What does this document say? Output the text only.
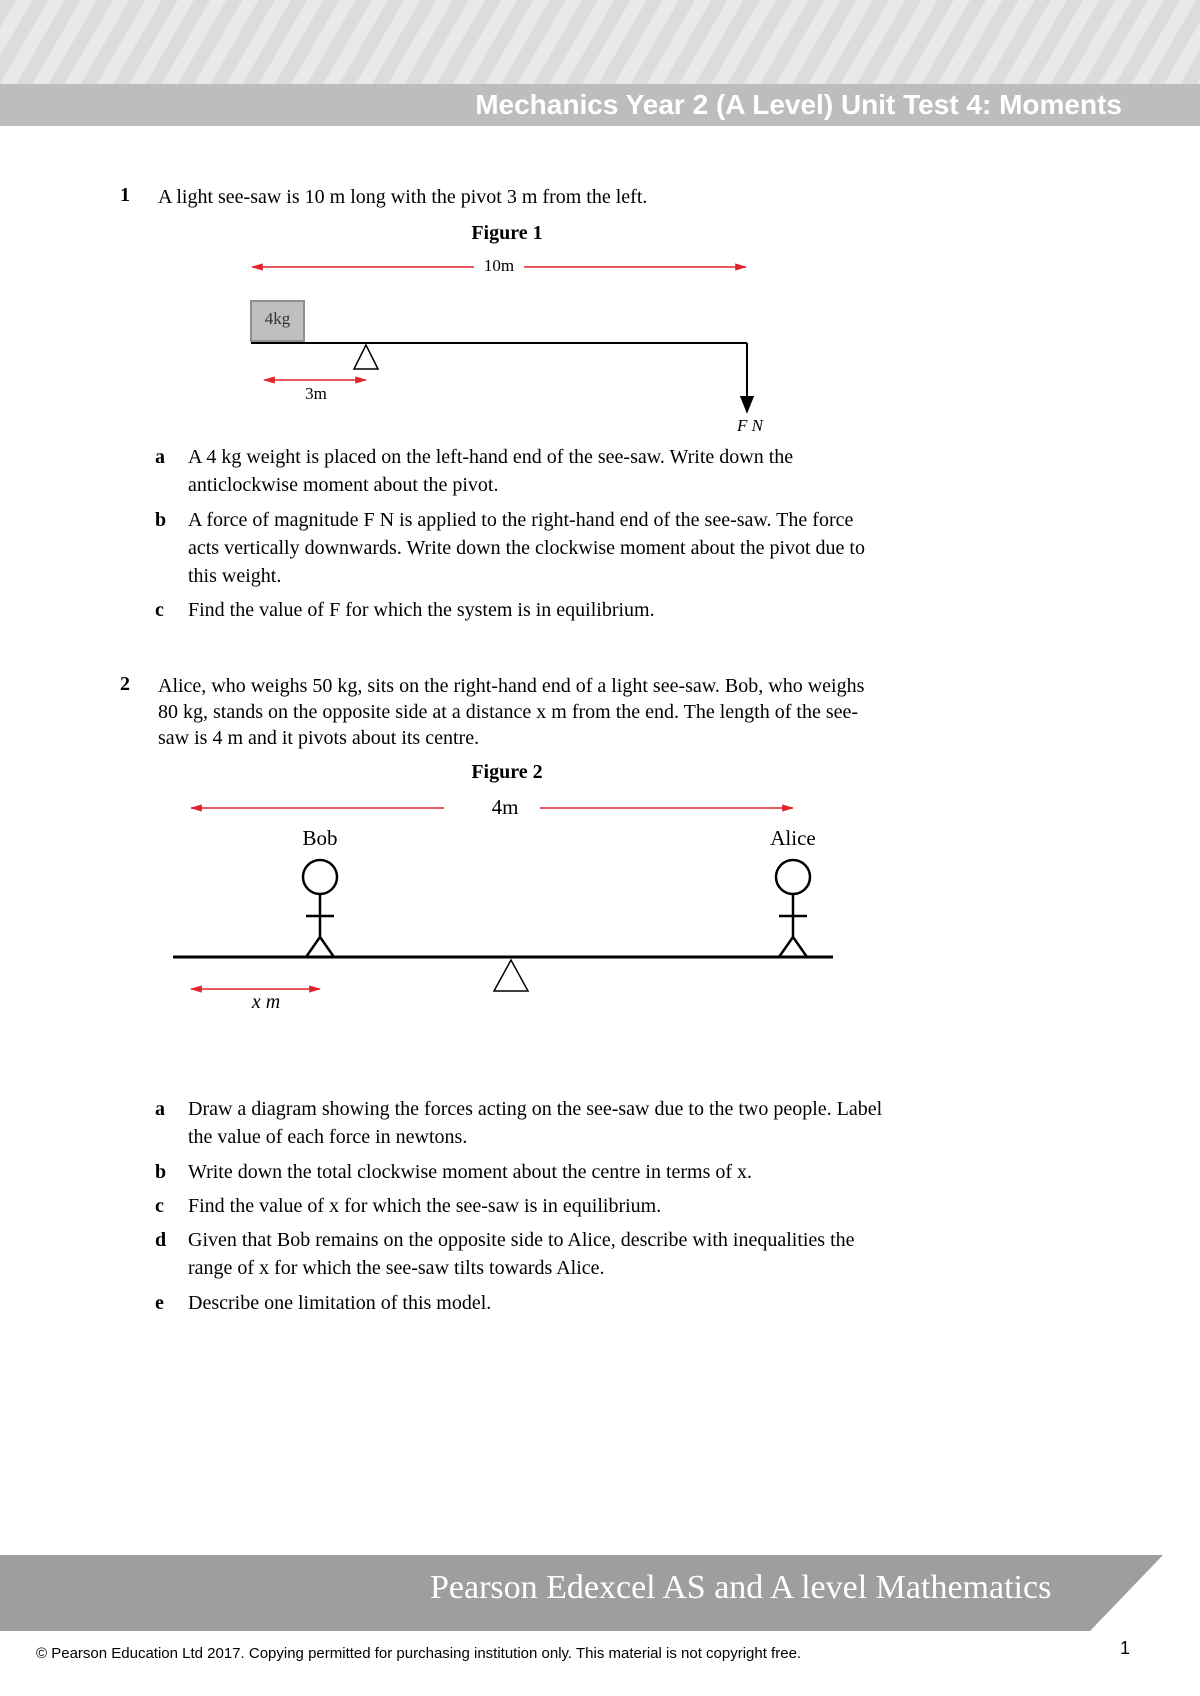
Mechanics Year 2 (A Level) Unit Test 4: Moments
1 A light see-saw is 10 m long with the pivot 3 m from the left.
Figure 1
10m
4kg
3m
F N
a A 4 kg weight is placed on the left-hand end of the see-saw. Write down the anticlockwise moment about the pivot.
b A force of magnitude F N is applied to the right-hand end of the see-saw. The force acts vertically downwards. Write down the clockwise moment about the pivot due to this weight.
c Find the value of F for which the system is in equilibrium.
2 Alice, who weighs 50 kg, sits on the right-hand end of a light see-saw. Bob, who weighs 80 kg, stands on the opposite side at a distance x m from the end. The length of the see-saw is 4 m and it pivots about its centre.
Figure 2
4m
Bob	Alice
x m
a Draw a diagram showing the forces acting on the see-saw due to the two people. Label the value of each force in newtons.
b Write down the total clockwise moment about the centre in terms of x.
c Find the value of x for which the see-saw is in equilibrium.
d Given that Bob remains on the opposite side to Alice, describe with inequalities the range of x for which the see-saw tilts towards Alice.
e Describe one limitation of this model.
Pearson Edexcel AS and A level Mathematics
© Pearson Education Ltd 2017. Copying permitted for purchasing institution only. This material is not copyright free.	1
